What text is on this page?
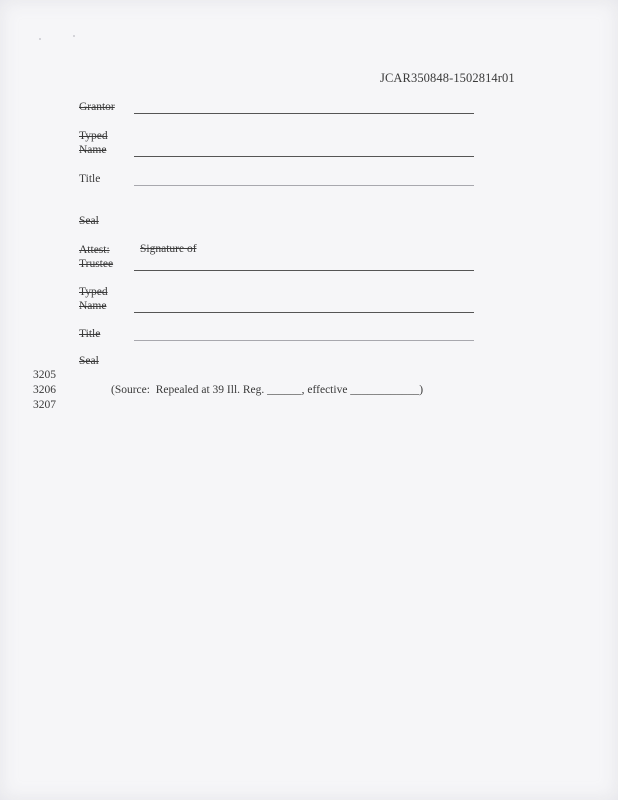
JCAR350848-1502814r01
Grantor
Typed
Name
Title
Seal
Attest:
Trustee
Signature of
Typed
Name
Title
Seal
3205
3206
3207
(Source:  Repealed at 39 Ill. Reg. ______, effective ____________)
